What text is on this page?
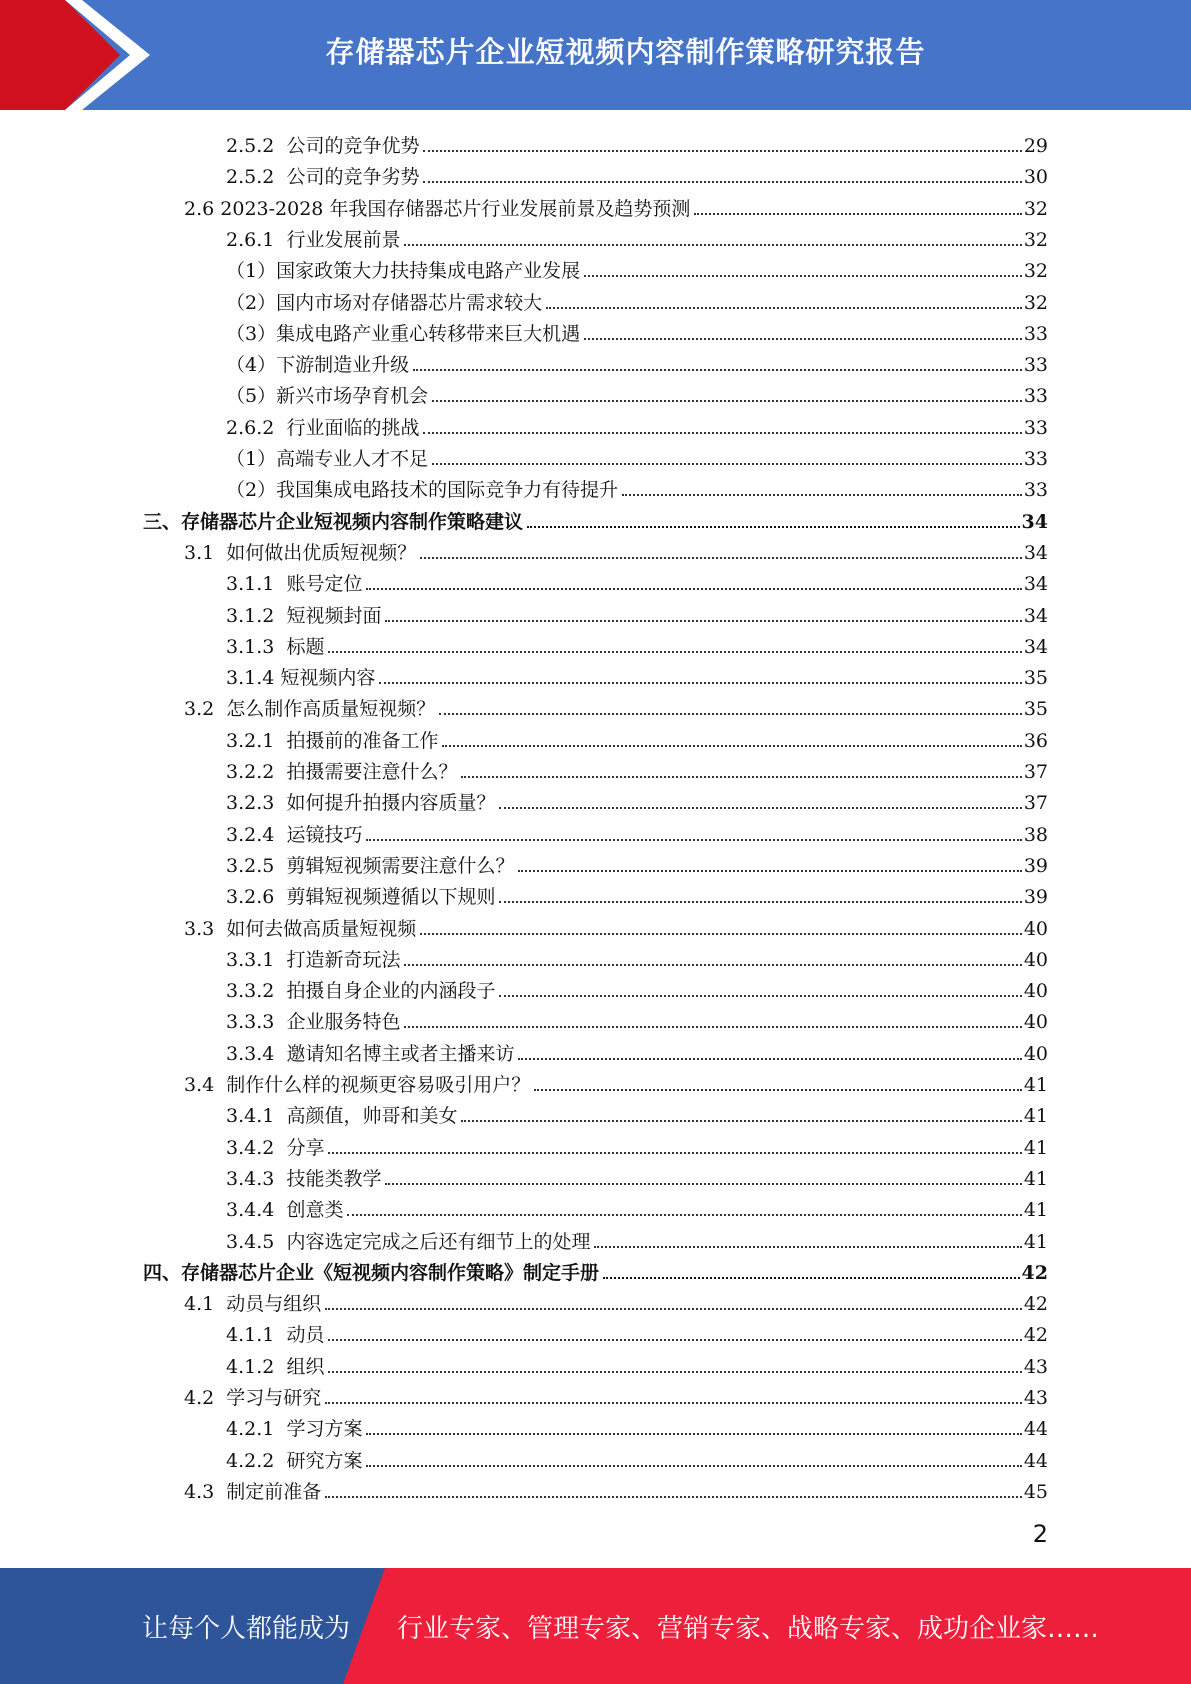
存储器芯片企业短视频内容制作策略研究报告
2.5.2 公司的竞争优势	29
2.5.2 公司的竞争劣势	30
2.6 2023-2028 年我国存储器芯片行业发展前景及趋势预测	32
2.6.1 行业发展前景	32
（1） 国家政策大力扶持集成电路产业发展	32
（2） 国内市场对存储器芯片需求较大	32
（3） 集成电路产业重心转移带来巨大机遇	33
（4） 下游制造业升级	33
（5） 新兴市场孕育机会	33
2.6.2 行业面临的挑战	33
（1） 高端专业人才不足	33
（2） 我国集成电路技术的国际竞争力有待提升	33
三、存储器芯片企业短视频内容制作策略建议	34
3.1 如何做出优质短视频？	34
3.1.1 账号定位	34
3.1.2 短视频封面	34
3.1.3 标题	34
3.1.4 短视频内容	35
3.2 怎么制作高质量短视频？	35
3.2.1 拍摄前的准备工作	36
3.2.2 拍摄需要注意什么？	37
3.2.3 如何提升拍摄内容质量？	37
3.2.4 运镜技巧	38
3.2.5 剪辑短视频需要注意什么？	39
3.2.6 剪辑短视频遵循以下规则	39
3.3 如何去做高质量短视频	40
3.3.1 打造新奇玩法	40
3.3.2 拍摄自身企业的内涵段子	40
3.3.3 企业服务特色	40
3.3.4 邀请知名博主或者主播来访	40
3.4 制作什么样的视频更容易吸引用户？	41
3.4.1 高颜值，帅哥和美女	41
3.4.2 分享	41
3.4.3 技能类教学	41
3.4.4 创意类	41
3.4.5 内容选定完成之后还有细节上的处理	41
四、存储器芯片企业《短视频内容制作策略》制定手册	42
4.1 动员与组织	42
4.1.1 动员	42
4.1.2 组织	43
4.2 学习与研究	43
4.2.1 学习方案	44
4.2.2 研究方案	44
4.3 制定前准备	45
2
让每个人都能成为 行业专家、管理专家、营销专家、战略专家、成功企业家……
